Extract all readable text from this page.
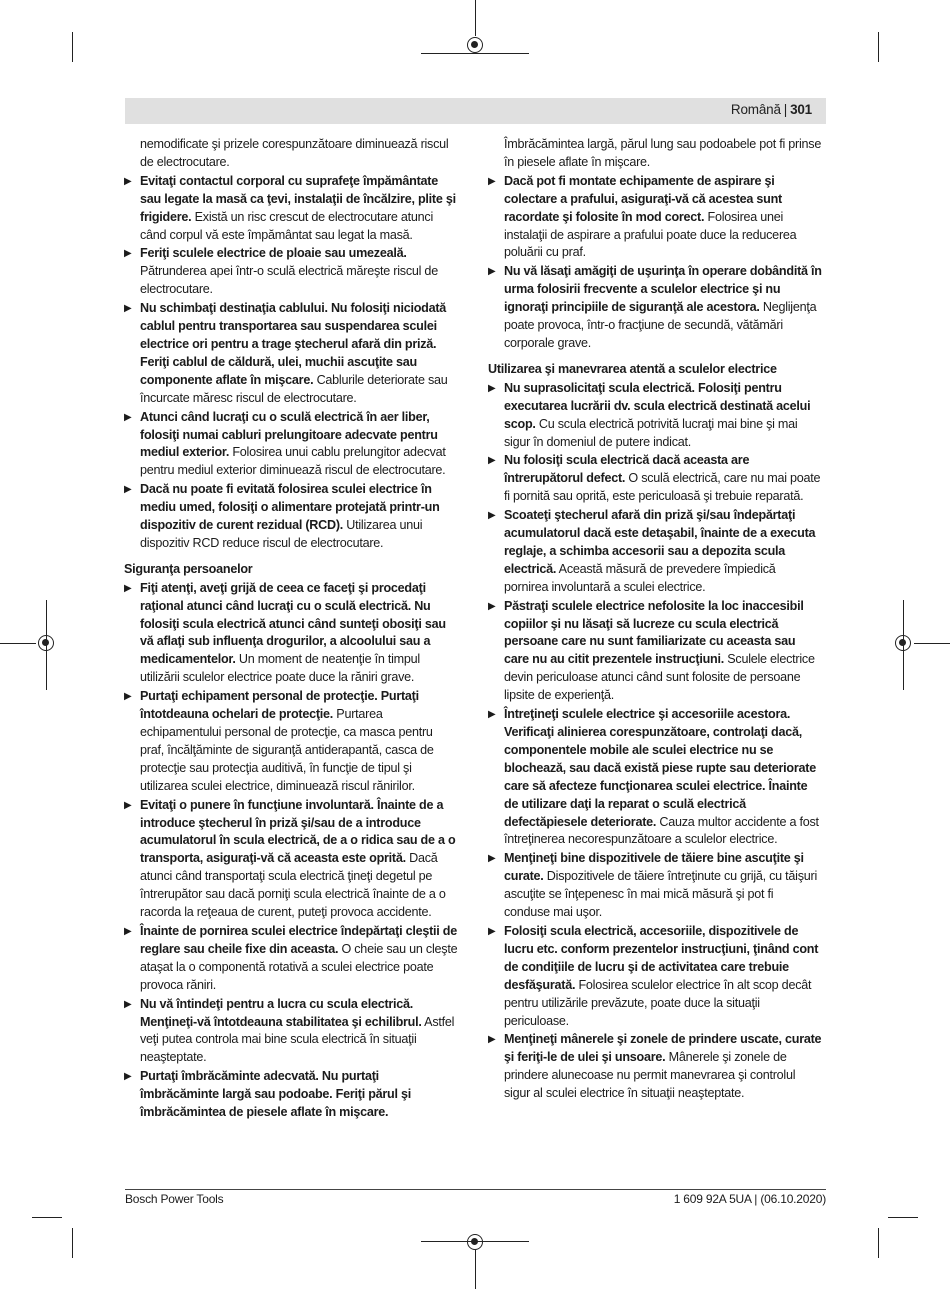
Română | 301
nemodificate şi prizele corespunzătoare diminuează riscul de electrocutare.
▶ Evitaţi contactul corporal cu suprafeţe împământate sau legate la masă ca ţevi, instalaţii de încălzire, plite şi frigidere. Există un risc crescut de electrocutare atunci când corpul vă este împământat sau legat la masă.
▶ Feriţi sculele electrice de ploaie sau umezeală. Pătrunderea apei într-o sculă electrică măreşte riscul de electrocutare.
▶ Nu schimbaţi destinaţia cablului. Nu folosiţi niciodată cablul pentru transportarea sau suspendarea sculei electrice ori pentru a trage ştecherul afară din priză. Feriţi cablul de căldură, ulei, muchii ascuţite sau componente aflate în mişcare. Cablurile deteriorate sau încurcate măresc riscul de electrocutare.
▶ Atunci când lucraţi cu o sculă electrică în aer liber, folosiţi numai cabluri prelungitoare adecvate pentru mediul exterior. Folosirea unui cablu prelungitor adecvat pentru mediul exterior diminuează riscul de electrocutare.
▶ Dacă nu poate fi evitată folosirea sculei electrice în mediu umed, folosiţi o alimentare protejată printr-un dispozitiv de curent rezidual (RCD). Utilizarea unui dispozitiv RCD reduce riscul de electrocutare.
Siguranţa persoanelor
▶ Fiţi atenţi, aveţi grijă de ceea ce faceţi şi procedaţi raţional atunci când lucraţi cu o sculă electrică. Nu folosiţi scula electrică atunci când sunteţi obosiţi sau vă aflaţi sub influenţa drogurilor, a alcoolului sau a medicamentelor. Un moment de neatenţie în timpul utilizării sculelor electrice poate duce la răniri grave.
▶ Purtaţi echipament personal de protecţie. Purtaţi întotdeauna ochelari de protecţie. Purtarea echipamentului personal de protecţie, ca masca pentru praf, încălţăminte de siguranţă antiderapantă, casca de protecţie sau protecţia auditivă, în funcţie de tipul şi utilizarea sculei electrice, diminuează riscul rănirilor.
▶ Evitaţi o punere în funcţiune involuntară. Înainte de a introduce ştecherul în priză şi/sau de a introduce acumulatorul în scula electrică, de a o ridica sau de a o transporta, asiguraţi-vă că aceasta este oprită. Dacă atunci când transportaţi scula electrică ţineţi degetul pe întrerupător sau dacă porniţi scula electrică înainte de a o racorda la reţeaua de curent, puteţi provoca accidente.
▶ Înainte de pornirea sculei electrice îndepărtaţi cleştii de reglare sau cheile fixe din aceasta. O cheie sau un cleşte ataşat la o componentă rotativă a sculei electrice poate provoca răniri.
▶ Nu vă întindeţi pentru a lucra cu scula electrică. Menţineţi-vă întotdeauna stabilitatea şi echilibrul. Astfel veţi putea controla mai bine scula electrică în situaţii neaşteptate.
▶ Purtaţi îmbrăcăminte adecvată. Nu purtaţi îmbrăcăminte largă sau podoabe. Feriţi părul şi îmbrăcămintea de piesele aflate în mişcare.
Îmbrăcămintea largă, părul lung sau podoabele pot fi prinse în piesele aflate în mişcare.
▶ Dacă pot fi montate echipamente de aspirare şi colectare a prafului, asiguraţi-vă că acestea sunt racordate şi folosite în mod corect. Folosirea unei instalaţii de aspirare a prafului poate duce la reducerea poluării cu praf.
▶ Nu vă lăsaţi amăgiţi de uşurinţa în operare dobândită în urma folosirii frecvente a sculelor electrice şi nu ignoraţi principiile de siguranţă ale acestora. Neglijenţa poate provoca, într-o fracţiune de secundă, vătămări corporale grave.
Utilizarea şi manevrarea atentă a sculelor electrice
▶ Nu suprasolicitaţi scula electrică. Folosiţi pentru executarea lucrării dv. scula electrică destinată acelui scop. Cu scula electrică potrivită lucraţi mai bine şi mai sigur în domeniul de putere indicat.
▶ Nu folosiţi scula electrică dacă aceasta are întrerupătorul defect. O sculă electrică, care nu mai poate fi pornită sau oprită, este periculoasă şi trebuie reparată.
▶ Scoateţi ştecherul afară din priză şi/sau îndepărtaţi acumulatorul dacă este detaşabil, înainte de a executa reglaje, a schimba accesorii sau a depozita scula electrică. Această măsură de prevedere împiedică pornirea involuntară a sculei electrice.
▶ Păstraţi sculele electrice nefolosite la loc inaccesibil copiilor şi nu lăsaţi să lucreze cu scula electrică persoane care nu sunt familiarizate cu aceasta sau care nu au citit prezentele instrucţiuni. Sculele electrice devin periculoase atunci când sunt folosite de persoane lipsite de experienţă.
▶ Întreţineţi sculele electrice şi accesoriile acestora. Verificaţi alinierea corespunzătoare, controlaţi dacă, componentele mobile ale sculei electrice nu se blochează, sau dacă există piese rupte sau deteriorate care să afecteze funcţionarea sculei electrice. Înainte de utilizare daţi la reparat o sculă electrică defectăpiesele deteriorate. Cauza multor accidente a fost întreţinerea necorespunzătoare a sculelor electrice.
▶ Menţineţi bine dispozitivele de tăiere bine ascuţite şi curate. Dispozitivele de tăiere întreţinute cu grijă, cu tăişuri ascuţite se înţepenesc în mai mică măsură şi pot fi conduse mai uşor.
▶ Folosiţi scula electrică, accesoriile, dispozitivele de lucru etc. conform prezentelor instrucţiuni, ţinând cont de condiţiile de lucru şi de activitatea care trebuie desfăşurată. Folosirea sculelor electrice în alt scop decât pentru utilizările prevăzute, poate duce la situaţii periculoase.
▶ Menţineţi mânerele şi zonele de prindere uscate, curate şi feriţi-le de ulei şi unsoare. Mânerele şi zonele de prindere alunecoase nu permit manevrarea şi controlul sigur al sculei electrice în situaţii neaşteptate.
Bosch Power Tools	1 609 92A 5UA | (06.10.2020)
